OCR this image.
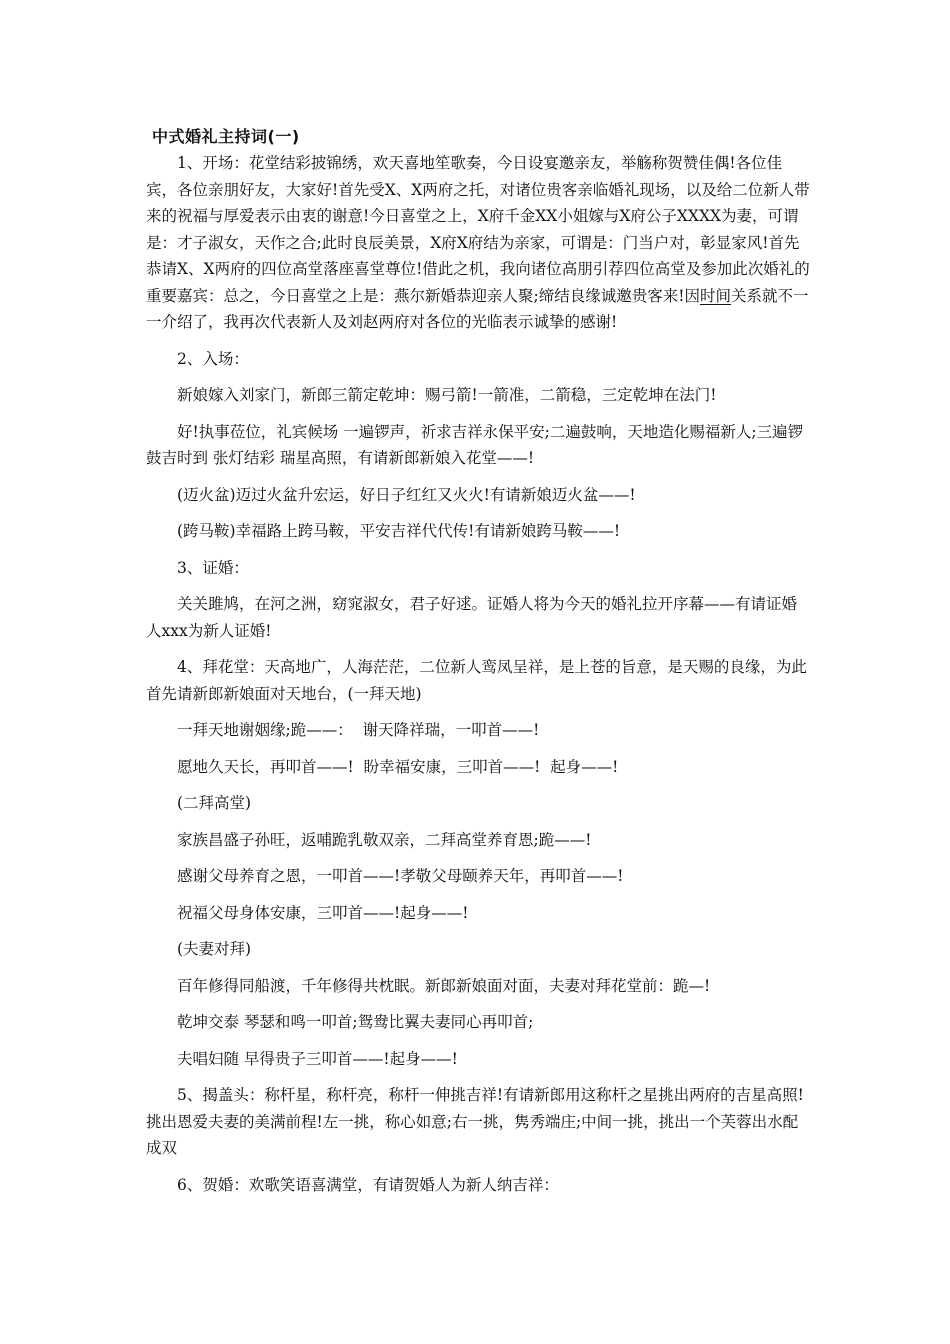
中式婚礼主持词(一)

1、开场：花堂结彩披锦绣，欢天喜地笙歌奏，今日设宴邀亲友，举觞称贺赞佳偶!各位佳宾，各位亲朋好友，大家好!首先受X、X两府之托，对诸位贵客亲临婚礼现场，以及给二位新人带来的祝福与厚爱表示由衷的谢意!今日喜堂之上，X府千金XX小姐嫁与X府公子XXXX为妻，可谓是：才子淑女，天作之合;此时良辰美景，X府X府结为亲家，可谓是：门当户对，彰显家风!首先恭请X、X两府的四位高堂落座喜堂尊位!借此之机，我向诸位高朋引荐四位高堂及参加此次婚礼的重要嘉宾：总之，今日喜堂之上是：燕尔新婚恭迎亲人聚;缔结良缘诚邀贵客来!因时间关系就不一一介绍了，我再次代表新人及刘赵两府对各位的光临表示诚挚的感谢!

2、入场：

新娘嫁入刘家门，新郎三箭定乾坤：赐弓箭!一箭准，二箭稳，三定乾坤在法门!

好!执事莅位，礼宾候场 一遍锣声，祈求吉祥永保平安;二遍鼓响，天地造化赐福新人;三遍锣鼓吉时到 张灯结彩 瑞星高照，有请新郎新娘入花堂——!

(迈火盆)迈过火盆升宏运，好日子红红又火火!有请新娘迈火盆——!

(跨马鞍)幸福路上跨马鞍，平安吉祥代代传!有请新娘跨马鞍——!

3、证婚：

关关雎鸠，在河之洲，窈窕淑女，君子好逑。证婚人将为今天的婚礼拉开序幕——有请证婚人xxx为新人证婚!

4、拜花堂：天高地广，人海茫茫，二位新人鸾凤呈祥，是上苍的旨意，是天赐的良缘，为此首先请新郎新娘面对天地台，(一拜天地)

一拜天地谢姻缘;跪——：  谢天降祥瑞，一叩首——!

愿地久天长，再叩首——!  盼幸福安康，三叩首——!  起身——!

(二拜高堂)

家族昌盛子孙旺，返哺跪乳敬双亲，二拜高堂养育恩;跪——!

感谢父母养育之恩，一叩首——!孝敬父母颐养天年，再叩首——!

祝福父母身体安康，三叩首——!起身——!

(夫妻对拜)

百年修得同船渡，千年修得共枕眠。新郎新娘面对面，夫妻对拜花堂前：跪—!

乾坤交泰 琴瑟和鸣一叩首;鸳鸯比翼夫妻同心再叩首;

夫唱妇随 早得贵子三叩首——!起身——!

5、揭盖头：称杆星，称杆亮，称杆一伸挑吉祥!有请新郎用这称杆之星挑出两府的吉星高照!挑出恩爱夫妻的美满前程!左一挑，称心如意;右一挑，隽秀端庄;中间一挑，挑出一个芙蓉出水配成双

6、贺婚：欢歌笑语喜满堂，有请贺婚人为新人纳吉祥：
